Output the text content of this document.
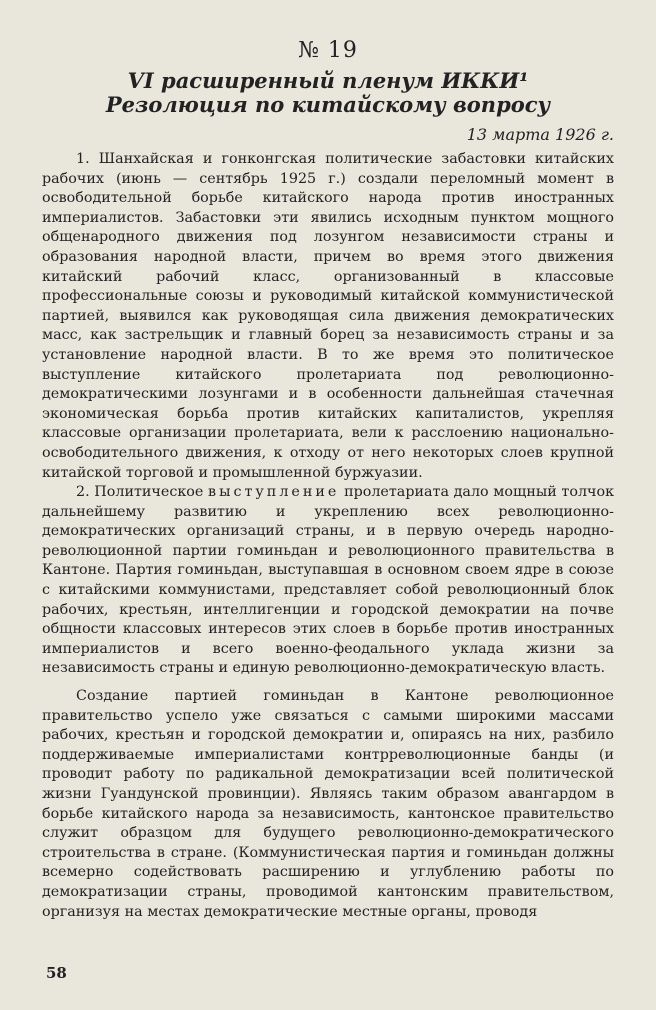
№ 19
VI расширенный пленум ИККИ¹
Резолюция по китайскому вопросу
13 марта 1926 г.

1. Шанхайская и гонконгская политические забастовки китайских рабочих (июнь — сентябрь 1925 г.) создали переломный момент в освободительной борьбе китайского народа против иностранных империалистов. Забастовки эти явились исходным пунктом мощного общенародного движения под лозунгом независимости страны и образования народной власти, причем во время этого движения китайский рабочий класс, организованный в классовые профессиональные союзы и руководимый китайской коммунистической партией, выявился как руководящая сила движения демократических масс, как застрельщик и главный борец за независимость страны и за установление народной власти. В то же время это политическое выступление китайского пролетариата под революционно-демократическими лозунгами и в особенности дальнейшая стачечная экономическая борьба против китайских капиталистов, укрепляя классовые организации пролетариата, вели к расслоению национально-освободительного движения, к отходу от него некоторых слоев крупной китайской торговой и промышленной буржуазии.

2. Политическое выступление пролетариата дало мощный толчок дальнейшему развитию и укреплению всех революционно-демократических организаций страны, и в первую очередь народно-революционной партии гоминьдан и революционного правительства в Кантоне. Партия гоминьдан, выступавшая в основном своем ядре в союзе с китайскими коммунистами, представляет собой революционный блок рабочих, крестьян, интеллигенции и городской демократии на почве общности классовых интересов этих слоев в борьбе против иностранных империалистов и всего военно-феодального уклада жизни за независимость страны и единую революционно-демократическую власть.

Создание партией гоминьдан в Кантоне революционное правительство успело уже связаться с самыми широкими массами рабочих, крестьян и городской демократии и, опираясь на них, разбило поддерживаемые империалистами контрреволюционные банды (и проводит работу по радикальной демократизации всей политической жизни Гуандунской провинции). Являясь таким образом авангардом в борьбе китайского народа за независимость, кантонское правительство служит образцом для будущего революционно-демократического строительства в стране. (Коммунистическая партия и гоминьдан должны всемерно содействовать расширению и углублению работы по демократизации страны, проводимой кантонским правительством, организуя на местах демократические местные органы, проводя

58
